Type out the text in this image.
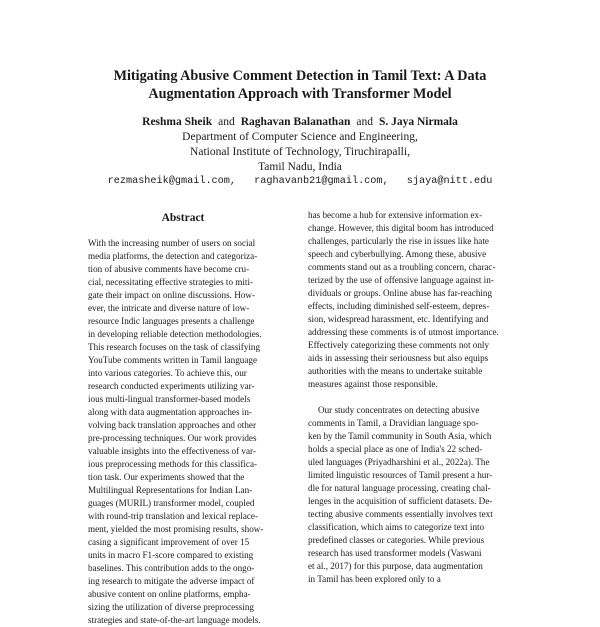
Mitigating Abusive Comment Detection in Tamil Text: A Data
Augmentation Approach with Transformer Model
Reshma Sheik and Raghavan Balanathan and S. Jaya Nirmala
Department of Computer Science and Engineering,
National Institute of Technology, Tiruchirapalli,
Tamil Nadu, India
rezmasheik@gmail.com, raghavanb21@gmail.com, sjaya@nitt.edu
Abstract
With the increasing number of users on social
media platforms, the detection and categoriza-
tion of abusive comments have become cru-
cial, necessitating effective strategies to miti-
gate their impact on online discussions. How-
ever, the intricate and diverse nature of low-
resource Indic languages presents a challenge
in developing reliable detection methodologies.
This research focuses on the task of classifying
YouTube comments written in Tamil language
into various categories. To achieve this, our
research conducted experiments utilizing var-
ious multi-lingual transformer-based models
along with data augmentation approaches in-
volving back translation approaches and other
pre-processing techniques. Our work provides
valuable insights into the effectiveness of var-
ious preprocessing methods for this classifica-
tion task. Our experiments showed that the
Multilingual Representations for Indian Lan-
guages (MURIL) transformer model, coupled
with round-trip translation and lexical replace-
ment, yielded the most promising results, show-
casing a significant improvement of over 15
units in macro F1-score compared to existing
baselines. This contribution adds to the ongo-
ing research to mitigate the adverse impact of
abusive content on online platforms, empha-
sizing the utilization of diverse preprocessing
strategies and state-of-the-art language models.
has become a hub for extensive information ex-
change. However, this digital boom has introduced
challenges, particularly the rise in issues like hate
speech and cyberbullying. Among these, abusive
comments stand out as a troubling concern, charac-
terized by the use of offensive language against in-
dividuals or groups. Online abuse has far-reaching
effects, including diminished self-esteem, depres-
sion, widespread harassment, etc. Identifying and
addressing these comments is of utmost importance.
Effectively categorizing these comments not only
aids in assessing their seriousness but also equips
authorities with the means to undertake suitable
measures against those responsible.
Our study concentrates on detecting abusive
comments in Tamil, a Dravidian language spo-
ken by the Tamil community in South Asia, which
holds a special place as one of India's 22 sched-
uled languages (Priyadharshini et al., 2022a). The
limited linguistic resources of Tamil present a hur-
dle for natural language processing, creating chal-
lenges in the acquisition of sufficient datasets. De-
tecting abusive comments essentially involves text
classification, which aims to categorize text into
predefined classes or categories. While previous
research has used transformer models (Vaswani
et al., 2017) for this purpose, data augmentation
in Tamil has been explored only to a
